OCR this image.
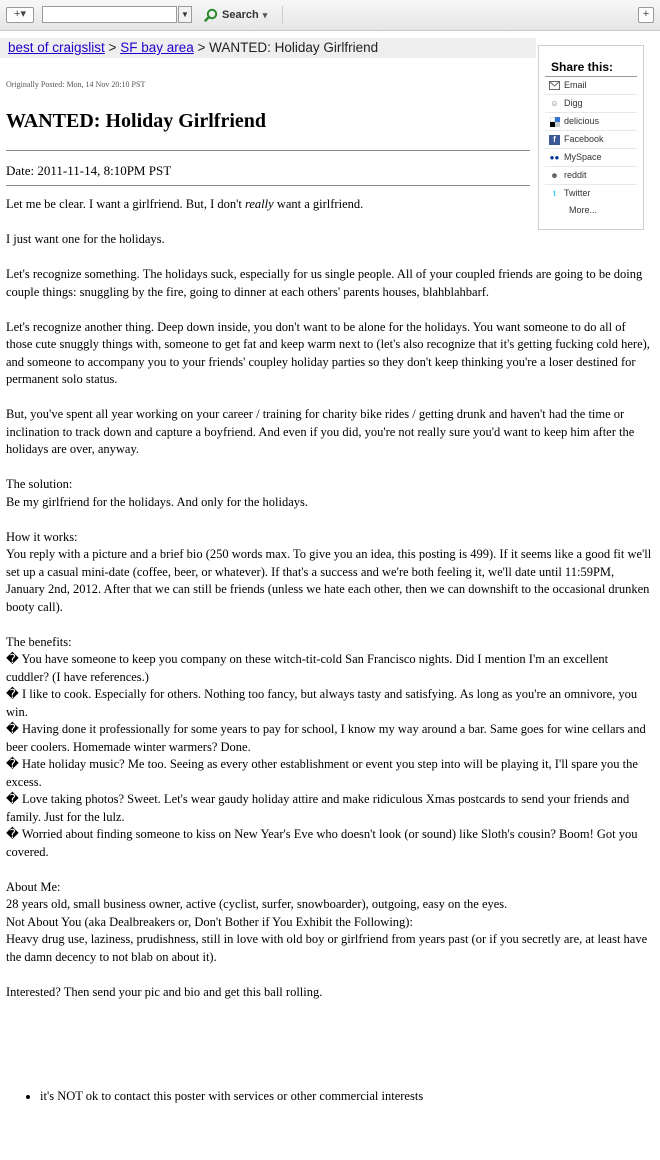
+▾	▼	Search ▾	+
best of craigslist > SF bay area > WANTED: Holiday Girlfriend
Share this:
Email
☺ Digg
delicious
f Facebook
●● MySpace
☻ reddit
t Twitter
More...
Originally Posted: Mon, 14 Nov 20:10 PST
WANTED: Holiday Girlfriend
Date: 2011-11-14, 8:10PM PST

Let me be clear. I want a girlfriend. But, I don't really want a girlfriend.

I just want one for the holidays.

Let's recognize something. The holidays suck, especially for us single people. All of your coupled friends are going to be doing couple things: snuggling by the fire, going to dinner at each others' parents houses, blahblahbarf.

Let's recognize another thing. Deep down inside, you don't want to be alone for the holidays. You want someone to do all of those cute snuggly things with, someone to get fat and keep warm next to (let's also recognize that it's getting fucking cold here), and someone to accompany you to your friends' coupley holiday parties so they don't keep thinking you're a loser destined for permanent solo status.

But, you've spent all year working on your career / training for charity bike rides / getting drunk and haven't had the time or inclination to track down and capture a boyfriend. And even if you did, you're not really sure you'd want to keep him after the holidays are over, anyway.

The solution:
Be my girlfriend for the holidays. And only for the holidays.

How it works:
You reply with a picture and a brief bio (250 words max. To give you an idea, this posting is 499). If it seems like a good fit we'll set up a casual mini-date (coffee, beer, or whatever). If that's a success and we're both feeling it, we'll date until 11:59PM, January 2nd, 2012. After that we can still be friends (unless we hate each other, then we can downshift to the occasional drunken booty call).

The benefits:
� You have someone to keep you company on these witch-tit-cold San Francisco nights. Did I mention I'm an excellent cuddler? (I have references.)
� I like to cook. Especially for others. Nothing too fancy, but always tasty and satisfying. As long as you're an omnivore, you win.
� Having done it professionally for some years to pay for school, I know my way around a bar. Same goes for wine cellars and beer coolers. Homemade winter warmers? Done.
� Hate holiday music? Me too. Seeing as every other establishment or event you step into will be playing it, I'll spare you the excess.
� Love taking photos? Sweet. Let's wear gaudy holiday attire and make ridiculous Xmas postcards to send your friends and family. Just for the lulz.
� Worried about finding someone to kiss on New Year's Eve who doesn't look (or sound) like Sloth's cousin? Boom! Got you covered.

About Me:
28 years old, small business owner, active (cyclist, surfer, snowboarder), outgoing, easy on the eyes.
Not About You (aka Dealbreakers or, Don't Bother if You Exhibit the Following):
Heavy drug use, laziness, prudishness, still in love with old boy or girlfriend from years past (or if you secretly are, at least have the damn decency to not blab on about it).

Interested? Then send your pic and bio and get this ball rolling.

• it's NOT ok to contact this poster with services or other commercial interests
